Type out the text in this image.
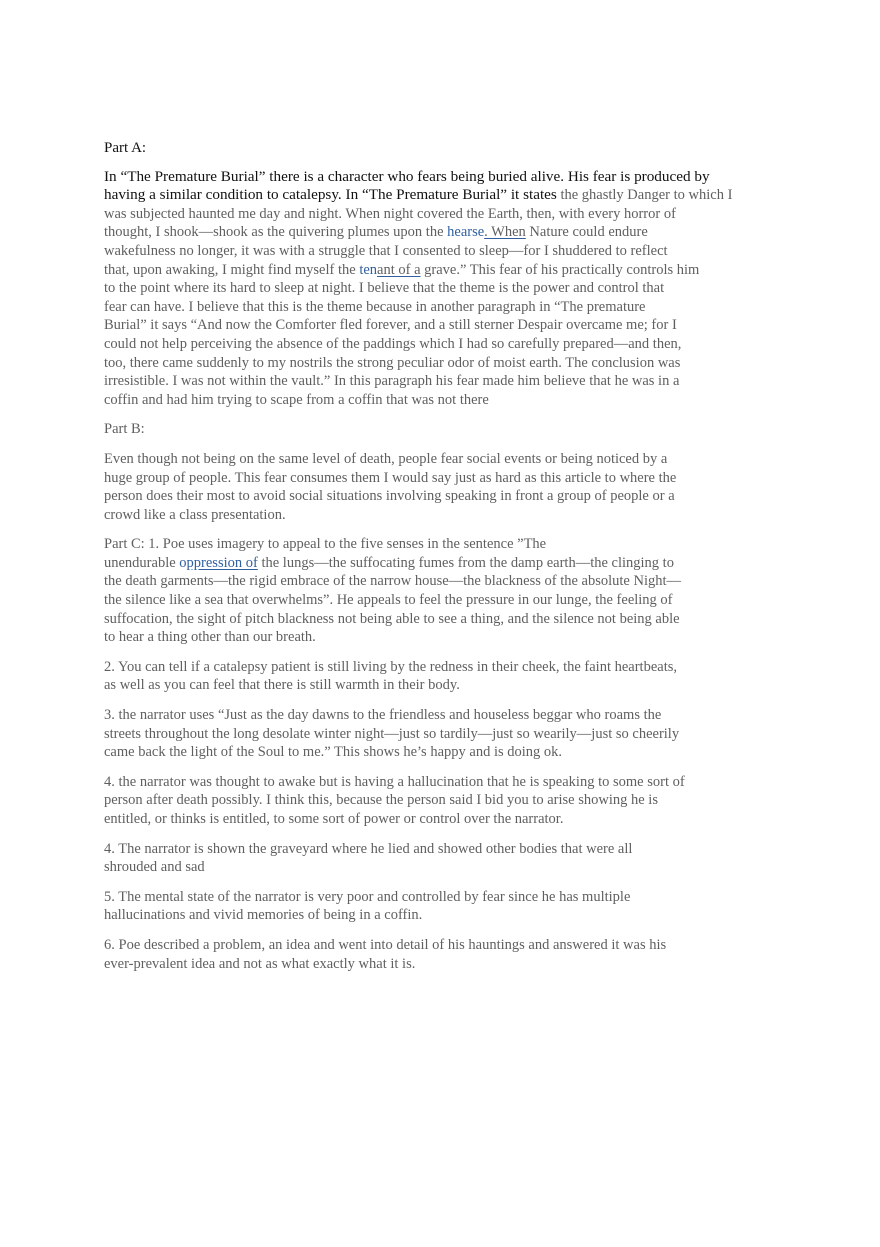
Part A:
In “The Premature Burial” there is a character who fears being buried alive. His fear is produced by
having a similar condition to catalepsy. In “The Premature Burial” it states the ghastly Danger to which I
was subjected haunted me day and night. When night covered the Earth, then, with every horror of
thought, I shook—shook as the quivering plumes upon the hearse. When Nature could endure
wakefulness no longer, it was with a struggle that I consented to sleep—for I shuddered to reflect
that, upon awaking, I might find myself the tenant of a grave.” This fear of his practically controls him
to the point where its hard to sleep at night. I believe that the theme is the power and control that
fear can have. I believe that this is the theme because in another paragraph in “The premature
Burial” it says “And now the Comforter fled forever, and a still sterner Despair overcame me; for I
could not help perceiving the absence of the paddings which I had so carefully prepared—and then,
too, there came suddenly to my nostrils the strong peculiar odor of moist earth. The conclusion was
irresistible. I was not within the vault.” In this paragraph his fear made him believe that he was in a
coffin and had him trying to scape from a coffin that was not there
Part B:
Even though not being on the same level of death, people fear social events or being noticed by a
huge group of people. This fear consumes them I would say just as hard as this article to where the
person does their most to avoid social situations involving speaking in front a group of people or a
crowd like a class presentation.
Part C: 1. Poe uses imagery to appeal to the five senses in the sentence ”The
unendurable oppression of the lungs—the suffocating fumes from the damp earth—the clinging to
the death garments—the rigid embrace of the narrow house—the blackness of the absolute Night—
the silence like a sea that overwhelms”. He appeals to feel the pressure in our lunge, the feeling of
suffocation, the sight of pitch blackness not being able to see a thing, and the silence not being able
to hear a thing other than our breath.
2. You can tell if a catalepsy patient is still living by the redness in their cheek, the faint heartbeats,
as well as you can feel that there is still warmth in their body.
3. the narrator uses “Just as the day dawns to the friendless and houseless beggar who roams the
streets throughout the long desolate winter night—just so tardily—just so wearily—just so cheerily
came back the light of the Soul to me.” This shows he’s happy and is doing ok.
4. the narrator was thought to awake but is having a hallucination that he is speaking to some sort of
person after death possibly. I think this, because the person said I bid you to arise showing he is
entitled, or thinks is entitled, to some sort of power or control over the narrator.
4. The narrator is shown the graveyard where he lied and showed other bodies that were all
shrouded and sad
5. The mental state of the narrator is very poor and controlled by fear since he has multiple
hallucinations and vivid memories of being in a coffin.
6. Poe described a problem, an idea and went into detail of his hauntings and answered it was his
ever-prevalent idea and not as what exactly what it is.
